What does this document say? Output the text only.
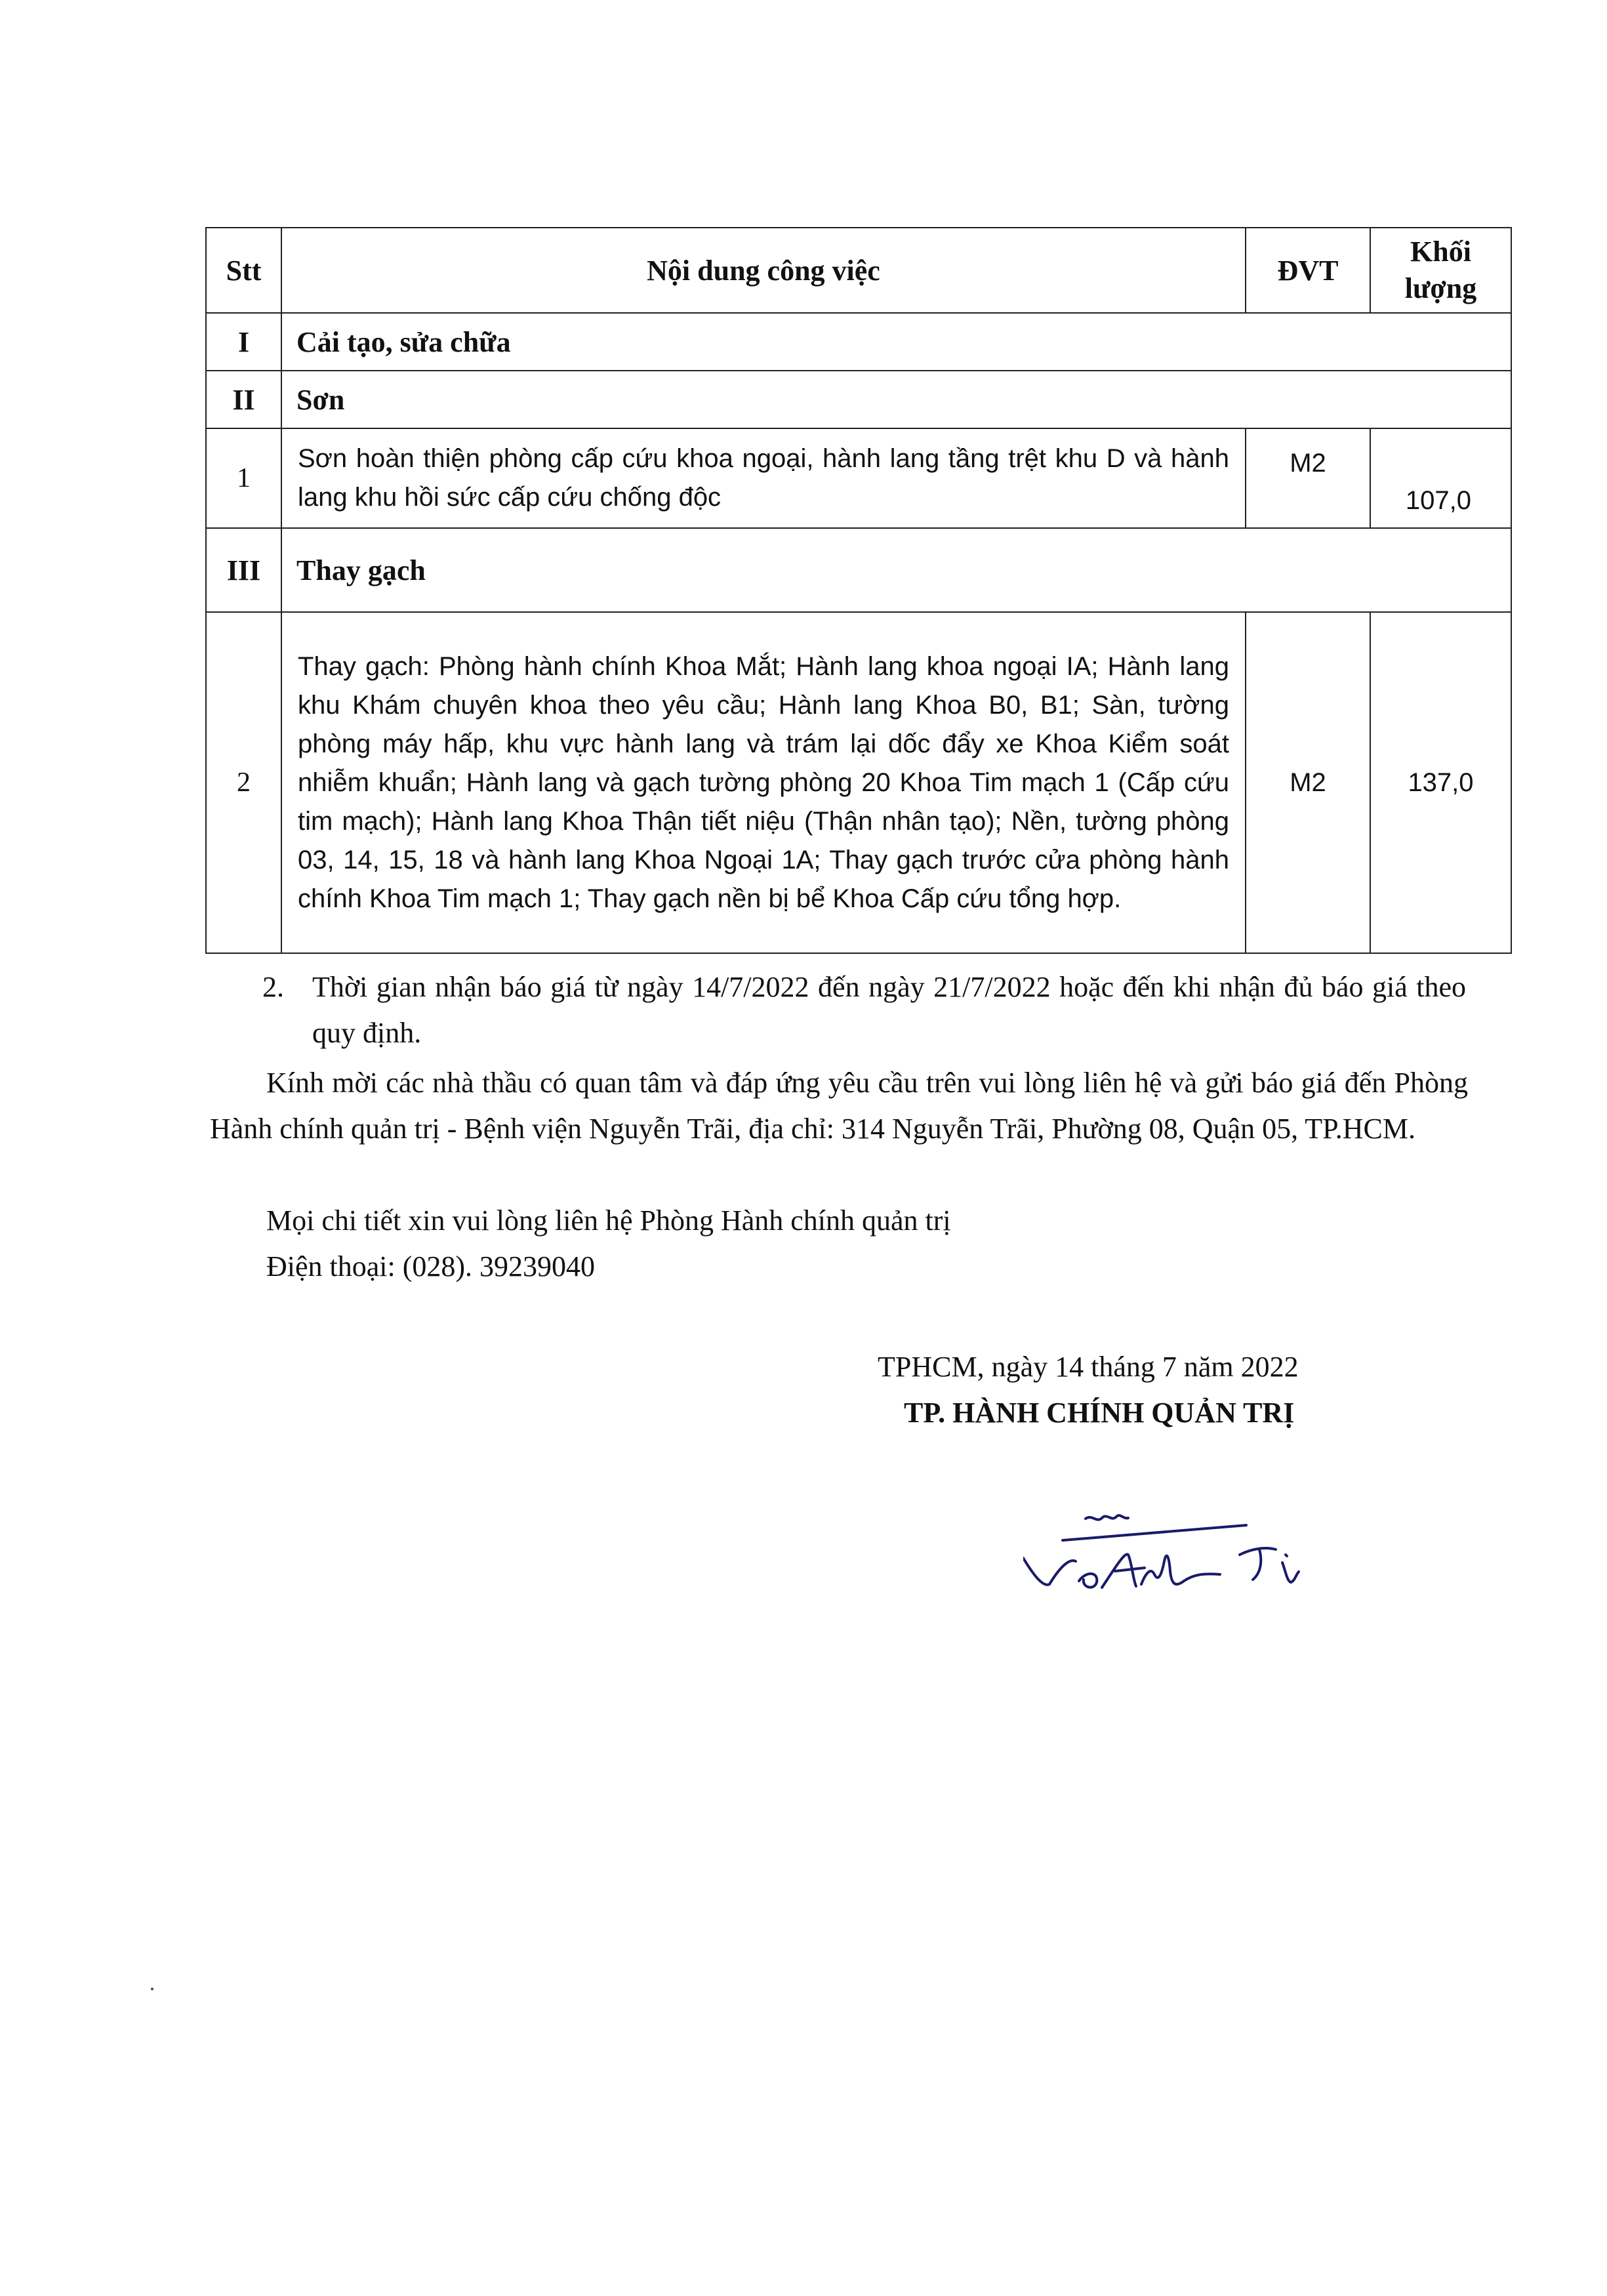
Stt	Nội dung công việc	ĐVT	Khối lượng
I	Cải tạo, sửa chữa		
II	Sơn		
1	Sơn hoàn thiện phòng cấp cứu khoa ngoại, hành lang tầng trệt khu D và hành lang khu hồi sức cấp cứu chống độc	M2	107,0
III	Thay gạch		
2	Thay gạch: Phòng hành chính Khoa Mắt; Hành lang khoa ngoại IA; Hành lang khu Khám chuyên khoa theo yêu cầu; Hành lang Khoa B0, B1; Sàn, tường phòng máy hấp, khu vực hành lang và trám lại dốc đẩy xe Khoa Kiểm soát nhiễm khuẩn; Hành lang và gạch tường phòng 20 Khoa Tim mạch 1 (Cấp cứu tim mạch); Hành lang Khoa Thận tiết niệu (Thận nhân tạo); Nền, tường phòng 03, 14, 15, 18 và hành lang Khoa Ngoại 1A; Thay gạch trước cửa phòng hành chính Khoa Tim mạch 1; Thay gạch nền bị bể Khoa Cấp cứu tổng hợp.	M2	137,0
2. Thời gian nhận báo giá từ ngày 14/7/2022 đến ngày 21/7/2022 hoặc đến khi nhận đủ báo giá theo quy định.
Kính mời các nhà thầu có quan tâm và đáp ứng yêu cầu trên vui lòng liên hệ và gửi báo giá đến Phòng Hành chính quản trị - Bệnh viện Nguyễn Trãi, địa chỉ: 314 Nguyễn Trãi, Phường 08, Quận 05, TP.HCM.
Mọi chi tiết xin vui lòng liên hệ Phòng Hành chính quản trị
Điện thoại: (028). 39239040
TPHCM, ngày 14 tháng 7 năm 2022
TP. HÀNH CHÍNH QUẢN TRỊ
